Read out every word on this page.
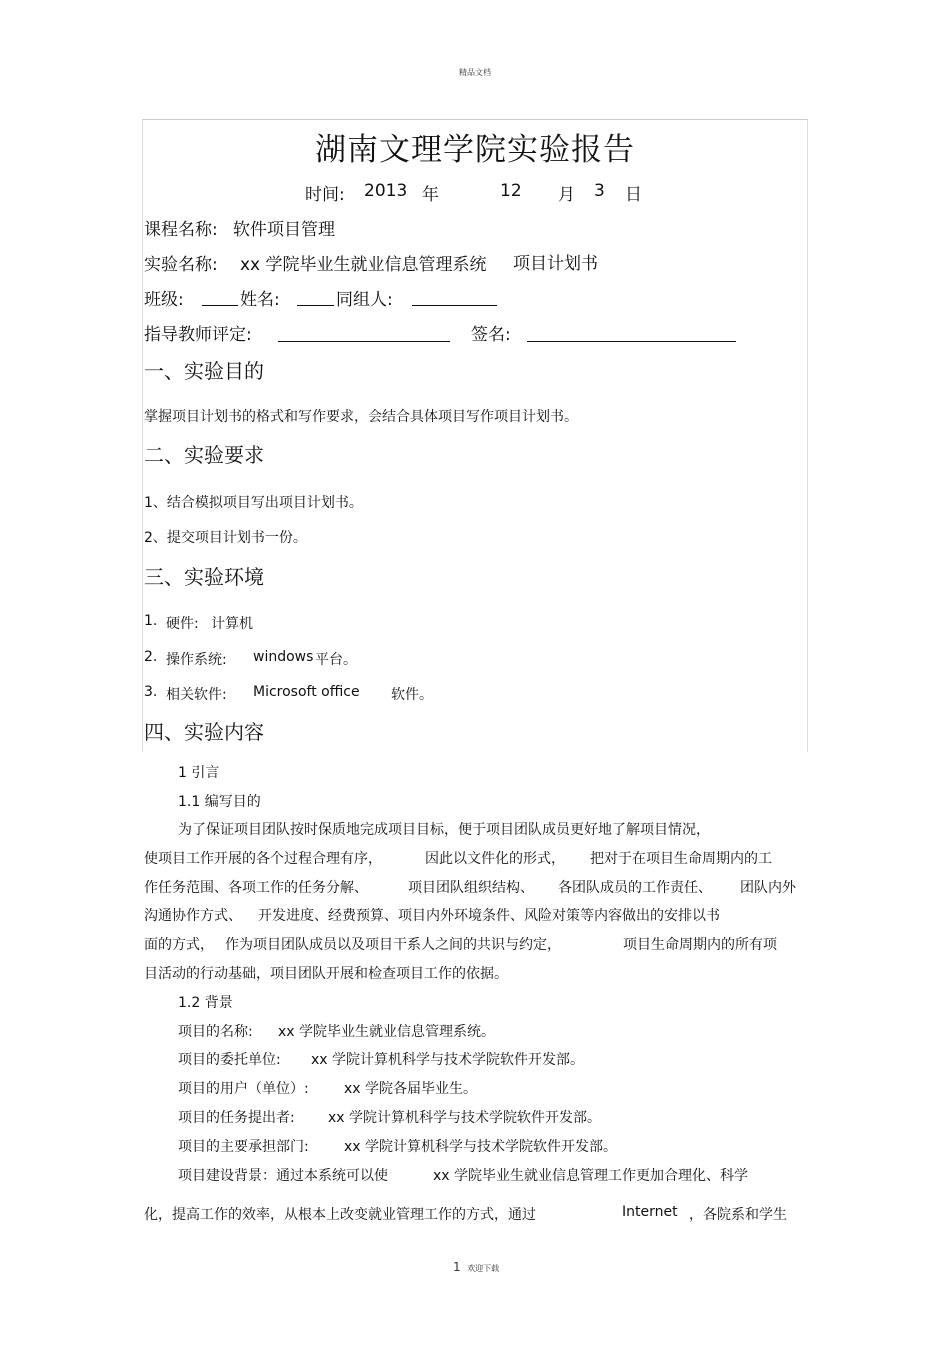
精品文档
湖南文理学院实验报告
时间: 2013 年	12 月 3 日
课程名称: 软件项目管理
实验名称: xx 学院毕业生就业信息管理系统 项目计划书
班级:	姓名:	同组人:
指导教师评定:	签名:
一、实验目的
掌握项目计划书的格式和写作要求，会结合具体项目写作项目计划书。
二、实验要求
1、结合模拟项目写出项目计划书。
2、提交项目计划书一份。
三、实验环境
1. 硬件: 计算机
2. 操作系统: windows 平台。
3. 相关软件: Microsoft office 软件。
四、实验内容
1 引言
1.1 编写目的
为了保证项目团队按时保质地完成项目目标，便于项目团队成员更好地了解项目情况，
使项目工作开展的各个过程合理有序，	因此以文件化的形式， 把对于在项目生命周期内的工
作任务范围、各项工作的任务分解、	项目团队组织结构、 各团队成员的工作责任、 团队内外
沟通协作方式、 开发进度、经费预算、项目内外环境条件、风险对策等内容做出的安排以书
面的方式， 作为项目团队成员以及项目干系人之间的共识与约定，	项目生命周期内的所有项
目活动的行动基础，项目团队开展和检查项目工作的依据。
1.2 背景
项目的名称: xx 学院毕业生就业信息管理系统。
项目的委托单位: xx 学院计算机科学与技术学院软件开发部。
项目的用户（单位）:	xx 学院各届毕业生。
项目的任务提出者: xx 学院计算机科学与技术学院软件开发部。
项目的主要承担部门:	xx 学院计算机科学与技术学院软件开发部。
项目建设背景：通过本系统可以使	xx 学院毕业生就业信息管理工作更加合理化、科学
化，提高工作的效率，从根本上改变就业管理工作的方式，通过	Internet ，各院系和学生
1 欢迎下载
